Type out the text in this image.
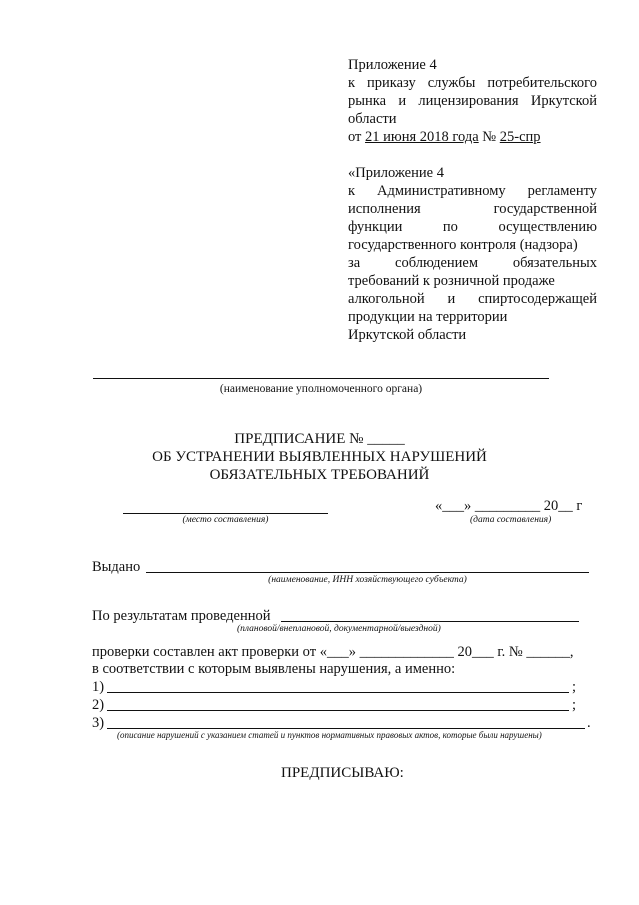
Приложение 4
к приказу службы потребительского
рынка и лицензирования Иркутской
области
от 21 июня 2018 года № 25-спр
«Приложение 4
к Административному регламенту
исполнения	государственной
функции	по	осуществлению
государственного контроля (надзора)
за соблюдением обязательных
требований к розничной продаже
алкогольной и спиртосодержащей
продукции на территории
Иркутской области
(наименование уполномоченного органа)
ПРЕДПИСАНИЕ № _____
ОБ УСТРАНЕНИИ ВЫЯВЛЕННЫХ НАРУШЕНИЙ
ОБЯЗАТЕЛЬНЫХ ТРЕБОВАНИЙ
(место составления)
«___» _________ 20__ г
(дата составления)
Выдано
(наименование, ИНН хозяйствующего субъекта)
По результатам проведенной
(плановой/внеплановой, документарной/выездной)
проверки составлен акт проверки от «___» _____________ 20___ г. № ______,
в соответствии с которым выявлены нарушения, а именно:
1)	;
2)	;
3)	.
(описание нарушений с указанием статей и пунктов нормативных правовых актов, которые были нарушены)
ПРЕДПИСЫВАЮ:
